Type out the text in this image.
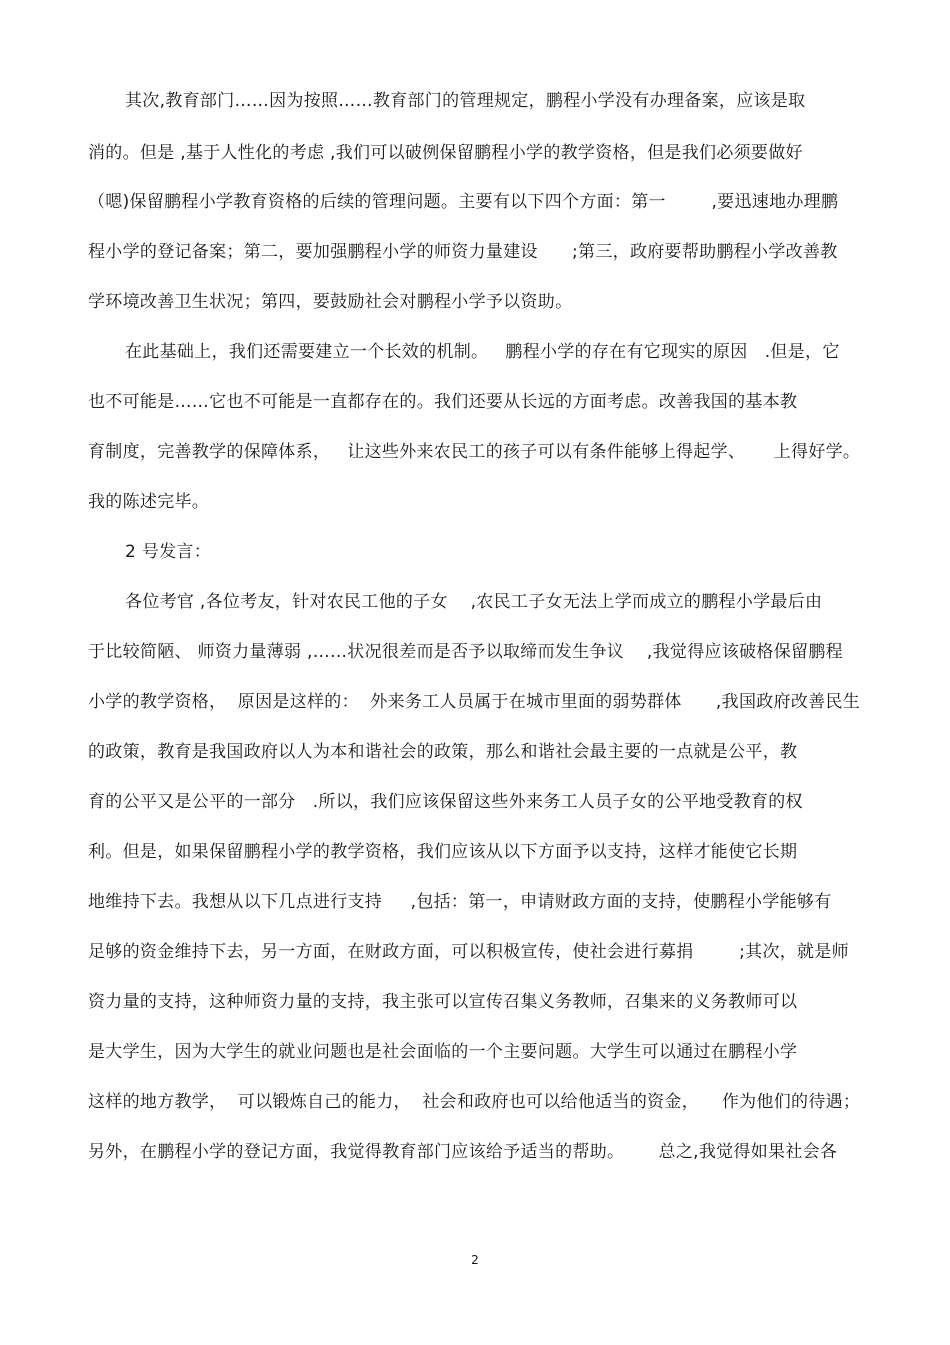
其次,教育部门……因为按照……教育部门的管理规定，鹏程小学没有办理备案，应该是取
消的。但是 ,基于人性化的考虑 ,我们可以破例保留鹏程小学的教学资格，但是我们必须要做好
（嗯)保留鹏程小学教育资格的后续的管理问题。主要有以下四个方面：第一        ,要迅速地办理鹏
程小学的登记备案；第二，要加强鹏程小学的师资力量建设      ;第三，政府要帮助鹏程小学改善教
学环境改善卫生状况；第四，要鼓励社会对鹏程小学予以资助。
在此基础上，我们还需要建立一个长效的机制。   鹏程小学的存在有它现实的原因   .但是，它
也不可能是……它也不可能是一直都存在的。我们还要从长远的方面考虑。改善我国的基本教
育制度，完善教学的保障体系，   让这些外来农民工的孩子可以有条件能够上得起学、     上得好学。
我的陈述完毕。
2 号发言：
各位考官 ,各位考友，针对农民工他的子女    ,农民工子女无法上学而成立的鹏程小学最后由
于比较简陋、 师资力量薄弱 ,……状况很差而是否予以取缔而发生争议    ,我觉得应该破格保留鹏程
小学的教学资格，  原因是这样的：  外来务工人员属于在城市里面的弱势群体      ,我国政府改善民生
的政策，教育是我国政府以人为本和谐社会的政策，那么和谐社会最主要的一点就是公平，教
育的公平又是公平的一部分   .所以，我们应该保留这些外来务工人员子女的公平地受教育的权
利。但是，如果保留鹏程小学的教学资格，我们应该从以下方面予以支持，这样才能使它长期
地维持下去。我想从以下几点进行支持     ,包括：第一，申请财政方面的支持，使鹏程小学能够有
足够的资金维持下去，另一方面，在财政方面，可以积极宣传，使社会进行募捐        ;其次，就是师
资力量的支持，这种师资力量的支持，我主张可以宣传召集义务教师，召集来的义务教师可以
是大学生，因为大学生的就业问题也是社会面临的一个主要问题。大学生可以通过在鹏程小学
这样的地方教学，  可以锻炼自己的能力，  社会和政府也可以给他适当的资金，    作为他们的待遇；
另外，在鹏程小学的登记方面，我觉得教育部门应该给予适当的帮助。      总之,我觉得如果社会各
2
